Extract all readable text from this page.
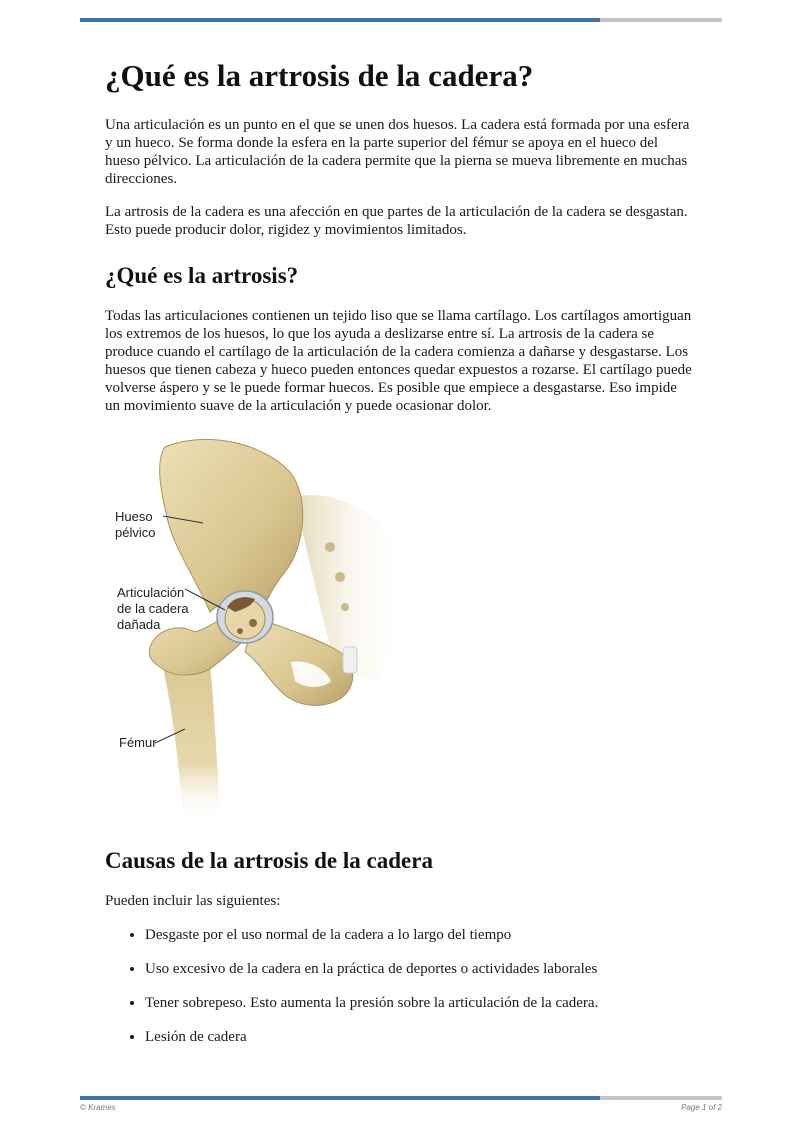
¿Qué es la artrosis de la cadera?

Una articulación es un punto en el que se unen dos huesos. La cadera está formada por una esfera y un hueco. Se forma donde la esfera en la parte superior del fémur se apoya en el hueco del hueso pélvico. La articulación de la cadera permite que la pierna se mueva libremente en muchas direcciones.

La artrosis de la cadera es una afección en que partes de la articulación de la cadera se desgastan. Esto puede producir dolor, rigidez y movimientos limitados.

¿Qué es la artrosis?

Todas las articulaciones contienen un tejido liso que se llama cartílago. Los cartílagos amortiguan los extremos de los huesos, lo que los ayuda a deslizarse entre sí. La artrosis de la cadera se produce cuando el cartílago de la articulación de la cadera comienza a dañarse y desgastarse. Los huesos que tienen cabeza y hueco pueden entonces quedar expuestos a rozarse. El cartílago puede volverse áspero y se le puede formar huecos. Es posible que empiece a desgastarse. Eso impide un movimiento suave de la articulación y puede ocasionar dolor.

Hueso
pélvico
Articulación
de la cadera
dañada
Fémur
Causas de la artrosis de la cadera

Pueden incluir las siguientes:

• Desgaste por el uso normal de la cadera a lo largo del tiempo
• Uso excesivo de la cadera en la práctica de deportes o actividades laborales
• Tener sobrepeso. Esto aumenta la presión sobre la articulación de la cadera.
• Lesión de cadera
© Krames	Page 1 of 2
